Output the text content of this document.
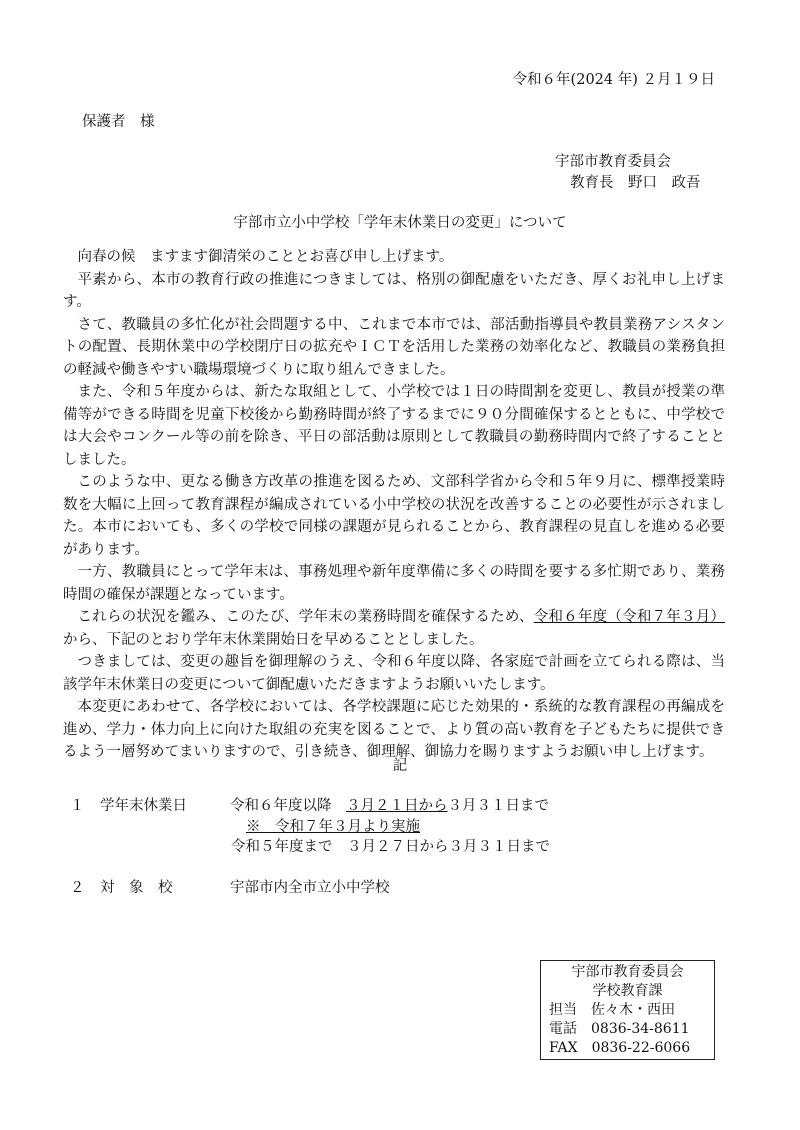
令和６年(2024 年) ２月１９日
保護者　様
宇部市教育委員会
教育長　野口　政吾
宇部市立小中学校「学年末休業日の変更」について

向春の候　ますます御清栄のこととお喜び申し上げます。

平素から、本市の教育行政の推進につきましては、格別の御配慮をいただき、厚くお礼申し上げます。

さて、教職員の多忙化が社会問題する中、これまで本市では、部活動指導員や教員業務アシスタントの配置、長期休業中の学校閉庁日の拡充やＩＣＴを活用した業務の効率化など、教職員の業務負担の軽減や働きやすい職場環境づくりに取り組んできました。

また、令和５年度からは、新たな取組として、小学校では１日の時間割を変更し、教員が授業の準備等ができる時間を児童下校後から勤務時間が終了するまでに９０分間確保するとともに、中学校では大会やコンクール等の前を除き、平日の部活動は原則として教職員の勤務時間内で終了することとしました。

このような中、更なる働き方改革の推進を図るため、文部科学省から令和５年９月に、標準授業時数を大幅に上回って教育課程が編成されている小中学校の状況を改善することの必要性が示されました。本市においても、多くの学校で同様の課題が見られることから、教育課程の見直しを進める必要があります。

一方、教職員にとって学年末は、事務処理や新年度準備に多くの時間を要する多忙期であり、業務時間の確保が課題となっています。

これらの状況を鑑み、このたび、学年末の業務時間を確保するため、令和６年度（令和７年３月）から、下記のとおり学年末休業開始日を早めることとしました。

つきましては、変更の趣旨を御理解のうえ、令和６年度以降、各家庭で計画を立てられる際は、当該学年末休業日の変更について御配慮いただきますようお願いいたします。

本変更にあわせて、各学校においては、各学校課題に応じた効果的・系統的な教育課程の再編成を進め、学力・体力向上に向けた取組の充実を図ることで、より質の高い教育を子どもたちに提供できるよう一層努めてまいりますので、引き続き、御理解、御協力を賜りますようお願い申し上げます。

記
１ 学年末休業日	令和６年度以降　３月２１日から３月３１日まで
※　令和７年３月より実施
令和５年度まで　３月２７日から３月３１日まで
２ 対　象　校	宇部市内全市立小中学校
宇部市教育委員会
学校教育課
担当　佐々木・西田
電話　0836-34-8611
FAX　0836-22-6066
